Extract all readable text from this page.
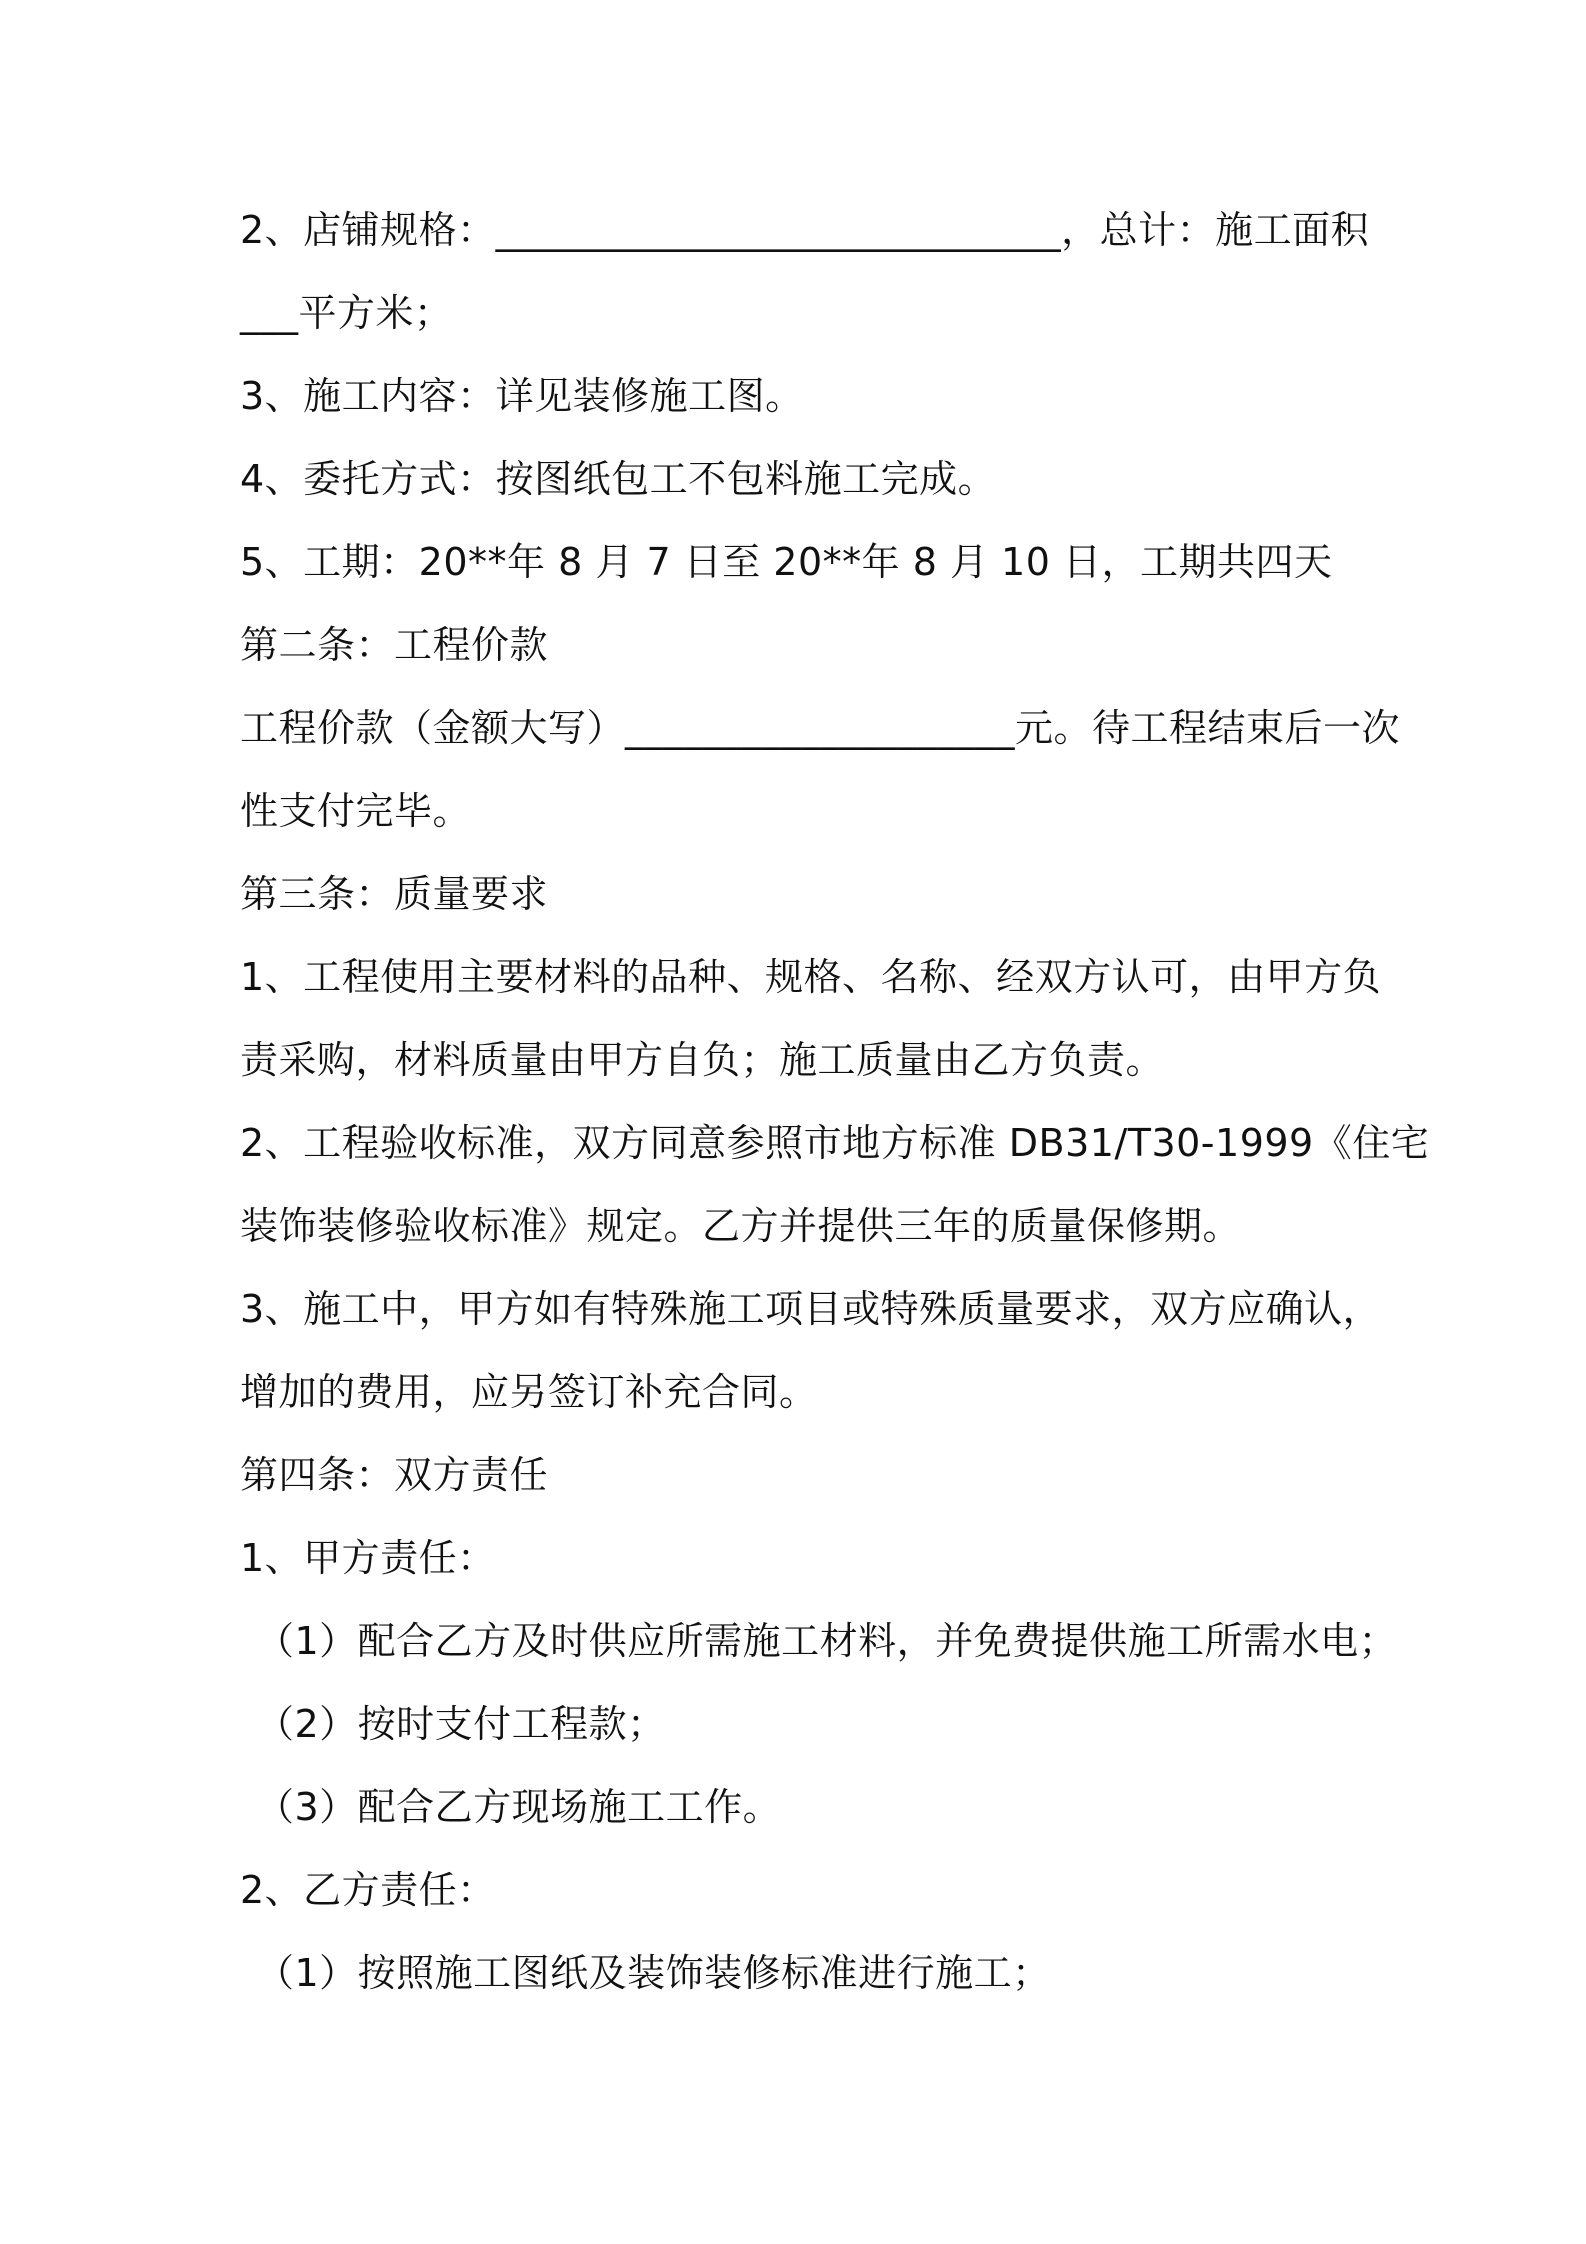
2、店铺规格：_____________________________，总计：施工面积
___平方米；
3、施工内容：详见装修施工图。
4、委托方式：按图纸包工不包料施工完成。
5、工期：20**年 8 月 7 日至 20**年 8 月 10 日，工期共四天
第二条：工程价款
工程价款（金额大写）____________________元。待工程结束后一次
性支付完毕。
第三条：质量要求
1、工程使用主要材料的品种、规格、名称、经双方认可，由甲方负
责采购，材料质量由甲方自负；施工质量由乙方负责。
2、工程验收标准，双方同意参照市地方标准 DB31/T30-1999《住宅
装饰装修验收标准》规定。乙方并提供三年的质量保修期。
3、施工中，甲方如有特殊施工项目或特殊质量要求，双方应确认，
增加的费用，应另签订补充合同。
第四条：双方责任
1、甲方责任：
（1）配合乙方及时供应所需施工材料，并免费提供施工所需水电；
（2）按时支付工程款；
（3）配合乙方现场施工工作。
2、乙方责任：
（1）按照施工图纸及装饰装修标准进行施工；
